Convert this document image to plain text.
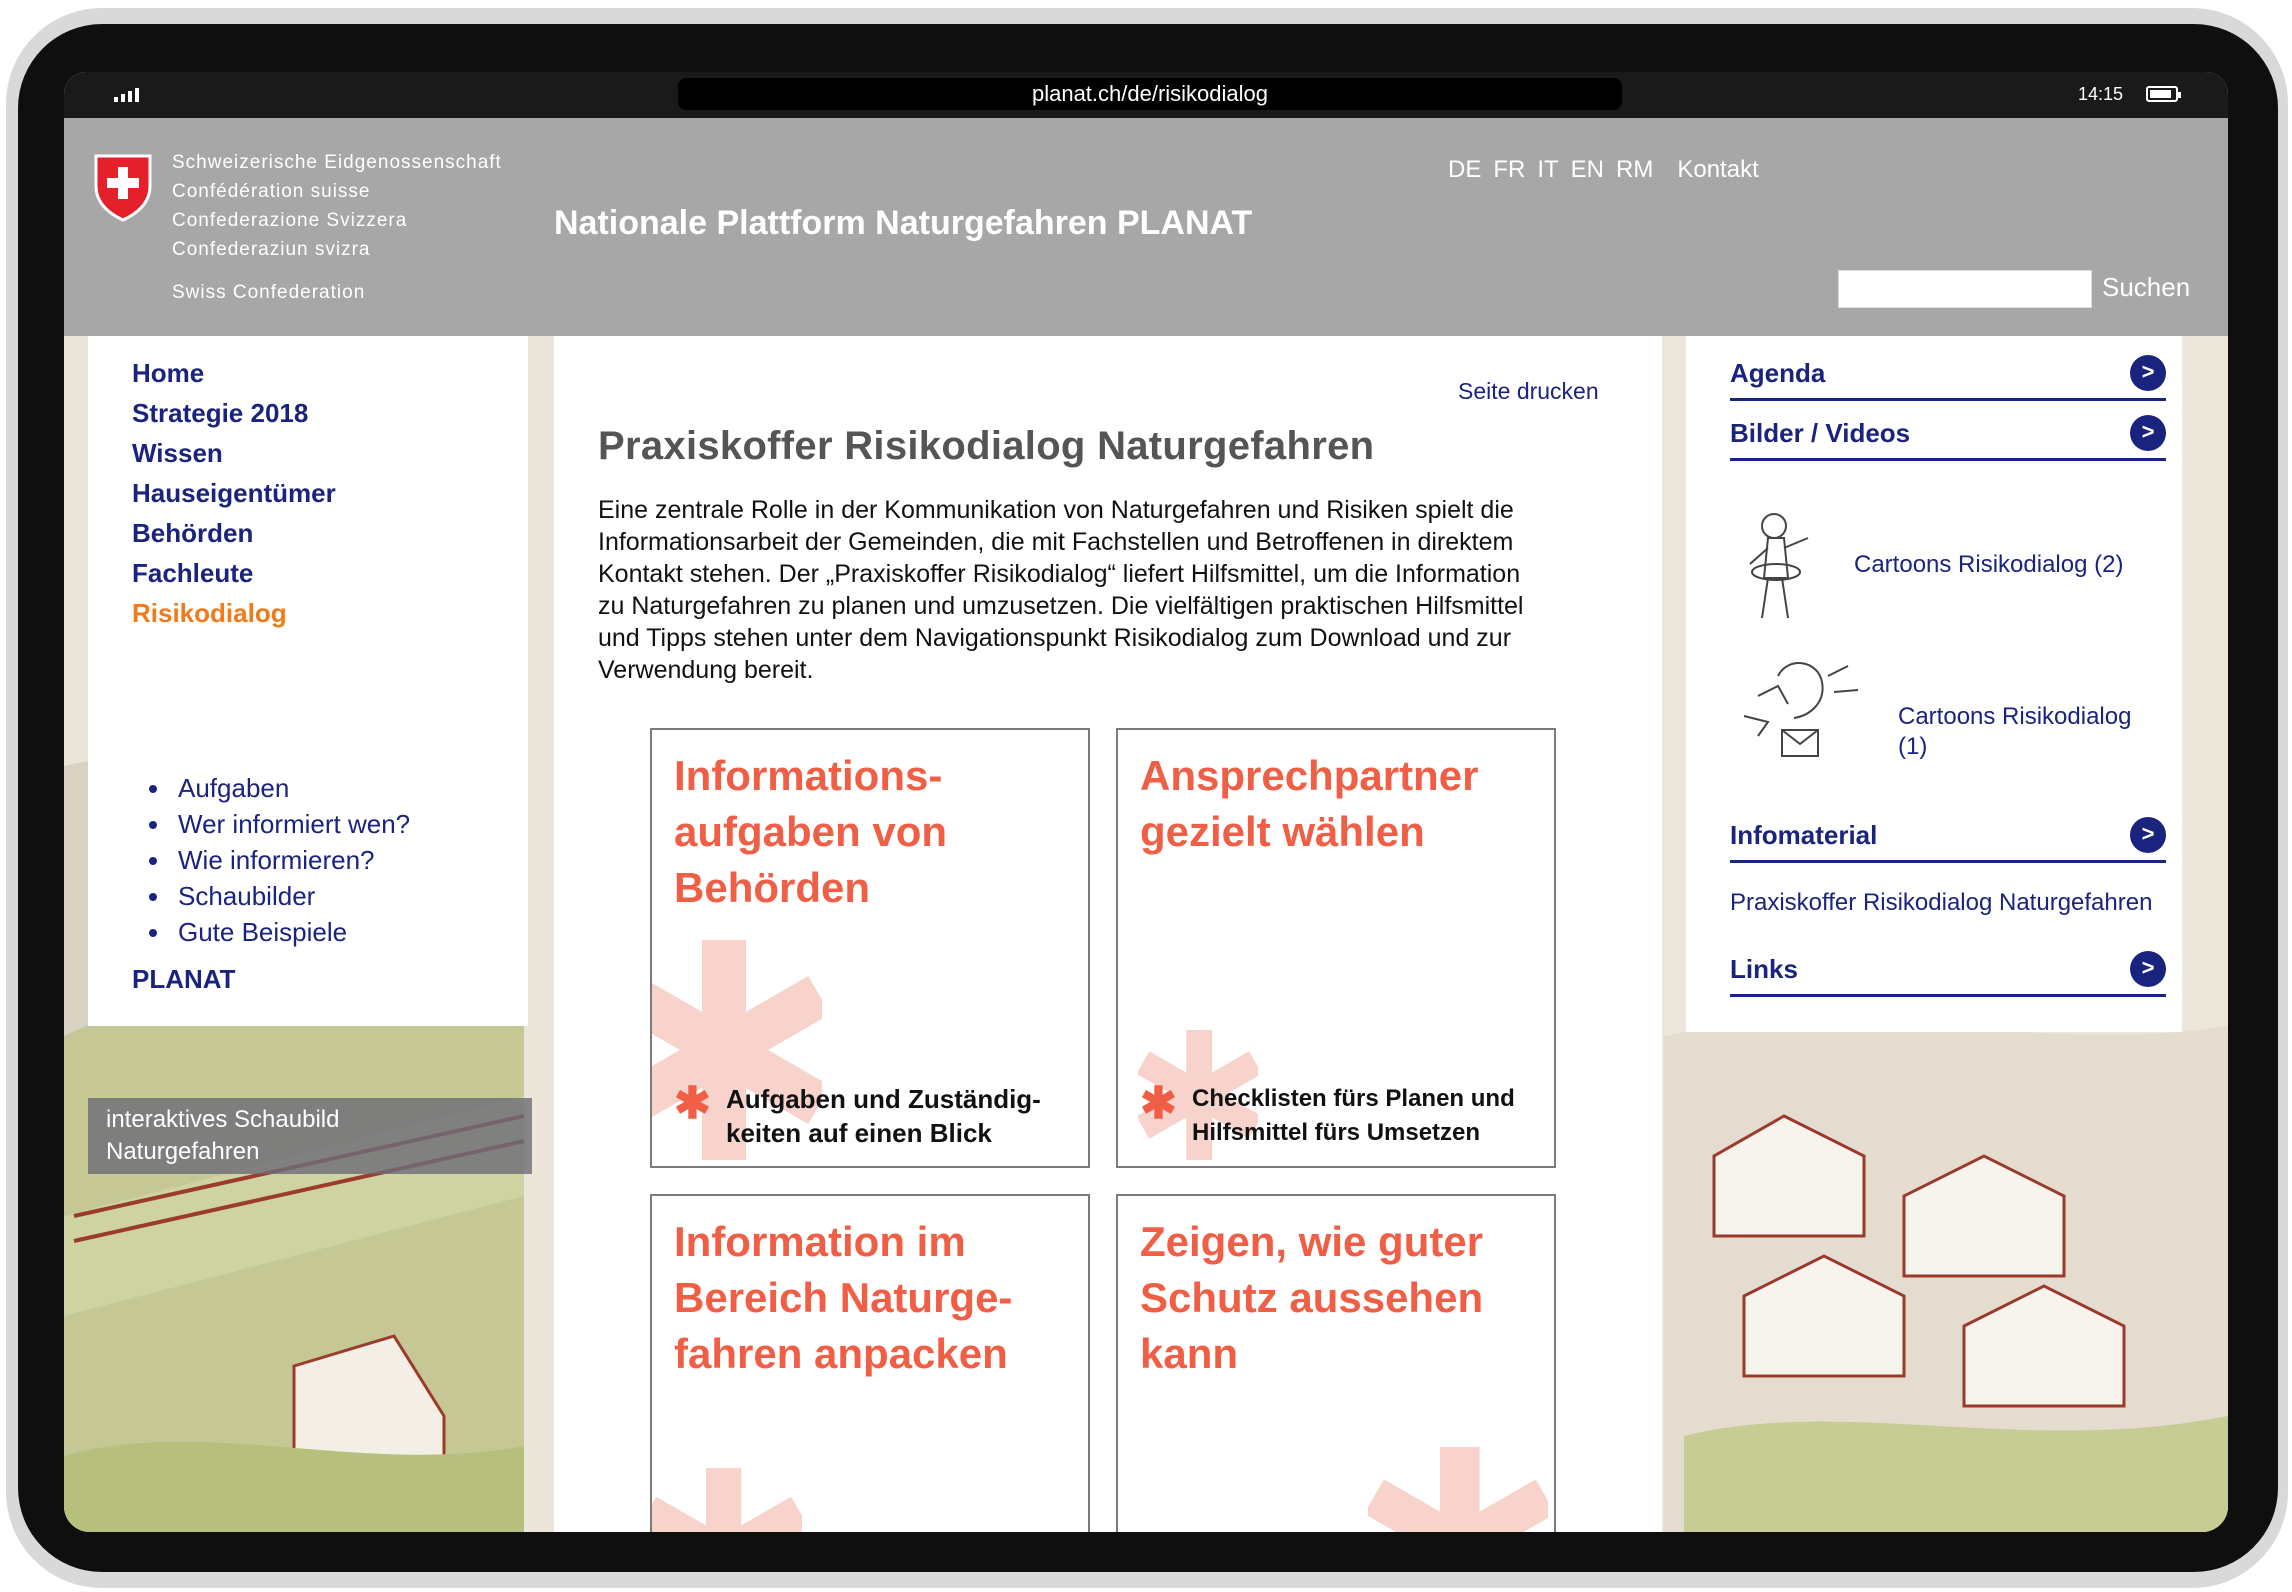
planat.ch/de/risikodialog	14:15
Schweizerische Eidgenossenschaft
Confédération suisse
Confederazione Svizzera
Confederaziun svizra
Swiss Confederation
Nationale Plattform Naturgefahren PLANAT
DE FR IT EN RM Kontakt
Suchen
Home
Strategie 2018
Wissen
Hauseigentümer
Behörden
Fachleute
Risikodialog
Aufgaben
Wer informiert wen?
Wie informieren?
Schaubilder
Gute Beispiele
PLANAT
interaktives Schaubild
Naturgefahren
Seite drucken
Praxiskoffer Risikodialog Naturgefahren
Eine zentrale Rolle in der Kommunikation von Naturgefahren und Risiken spielt die
Informationsarbeit der Gemeinden, die mit Fachstellen und Betroffenen in direktem
Kontakt stehen. Der „Praxiskoffer Risikodialog“ liefert Hilfsmittel, um die Information
zu Naturgefahren zu planen und umzusetzen. Die vielfältigen praktischen Hilfsmittel
und Tipps stehen unter dem Navigationspunkt Risikodialog zum Download und zur
Verwendung bereit.
Informations-
aufgaben von
Behörden
✱ Aufgaben und Zuständig-
keiten auf einen Blick
Ansprechpartner
gezielt wählen
✱ Checklisten fürs Planen und
Hilfsmittel fürs Umsetzen
Information im
Bereich Naturge-
fahren anpacken
Zeigen, wie guter
Schutz aussehen
kann
Agenda	>
Bilder / Videos	>
Cartoons Risikodialog (2)
Cartoons Risikodialog
(1)
Infomaterial	>
Praxiskoffer Risikodialog Naturgefahren
Links	>
